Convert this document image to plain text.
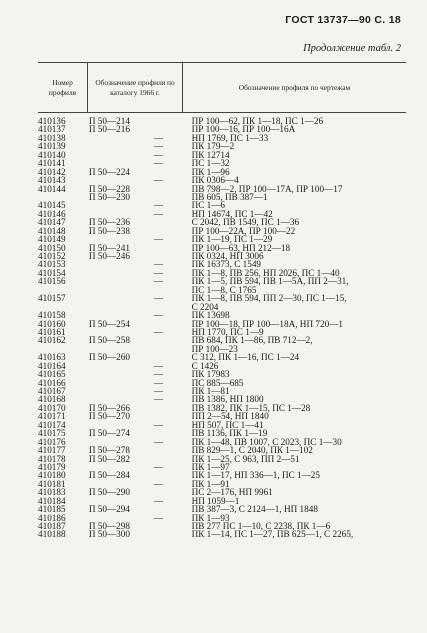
ГОСТ 13737—90 С. 18
Продолжение табл. 2
Номер профиля
Обозначение профиля по каталогу 1966 г.
Обозначение профиля по чертежам
410136
410137
410138
410139
410140
410141
410142
410143
410144
410145
410146
410147
410148
410149
410150
410152
410153
410154
410156
410157
410158
410160
410161
410162
410163
410164
410165
410166
410167
410168
410170
410171
410174
410175
410176
410177
410178
410179
410180
410181
410183
410184
410185
410186
410187
410188
П 50—214
П 50—216
—
—
—
—
П 50—224
—
П 50—228
П 50—230
—
—
П 50—236
П 50—238
—
П 50—241
П 50—246
—
—
—
—
—
П 50—254
—
П 50—258
П 50—260
—
—
—
—
—
П 50—266
П 50—270
—
П 50—274
—
П 50—278
П 50—282
—
П 50—284
—
П 50—290
—
П 50—294
—
П 50—298
П 50—300
ПР 100—62, ПК 1—18, ПС 1—26
ПР 100—16, ПР 100—16А
НП 1769, ПС 1—33
ПК 179—2
ПК 12714
ПС 1—32
ПК 1—96
ПК 0306—4
ПВ 798—2, ПР 100—17А, ПР 100—17
ПВ 605, ПВ 387—1
ПС 1—6
НП 14674, ПС 1—42
С 2042, ПВ 1549, ПС 1—36
ПР 100—22А, ПР 100—22
ПК 1—19, ПС 1—29
ПР 100—63, НП 212—18
ПК 0324, НП 3006
ПК 16373, С 1549
ПК 1—8, ПВ 256, НП 2026, ПС 1—40
ПК 1—5, ПВ 594, ПВ 1—5А, ПП 2—31,
ПС 1—8, С 1765
ПК 1—8, ПВ 594, ПП 2—30, ПС 1—15,
С 2204
ПК 13698
ПР 100—18, ПР 100—18А, НП 720—1
НП 1770, ПС 1—9
ПВ 684, ПК 1—86, ПВ 712—2,
ПР 100—23
С 312, ПК 1—16, ПС 1—24
С 1426
ПК 17983
ПС 885—685
ПК 1—81
ПВ 1386, НП 1800
ПВ 1382, ПК 1—15, ПС 1—28
ПП 2—54, НП 1840
НП 507, ПС 1—41
ПВ 1136, ПК 1—19
ПК 1—48, ПВ 1007, С 2023, ПС 1—30
ПВ 829—1, С 2040, ПК 1—102
ПК 1—25, С 963, ПП 2—51
ПК 1—97
ПК 1—17, НП 336—1, ПС 1—25
ПК 1—91
ПС 2—176, НП 9961
НП 1059—1
ПВ 387—3, С 2124—1, НП 1848
ПК 1—93
ПВ 277 ПС 1—10, С 2238, ПК 1—6
ПК 1—14, ПС 1—27, ПВ 625—1, С 2265,
